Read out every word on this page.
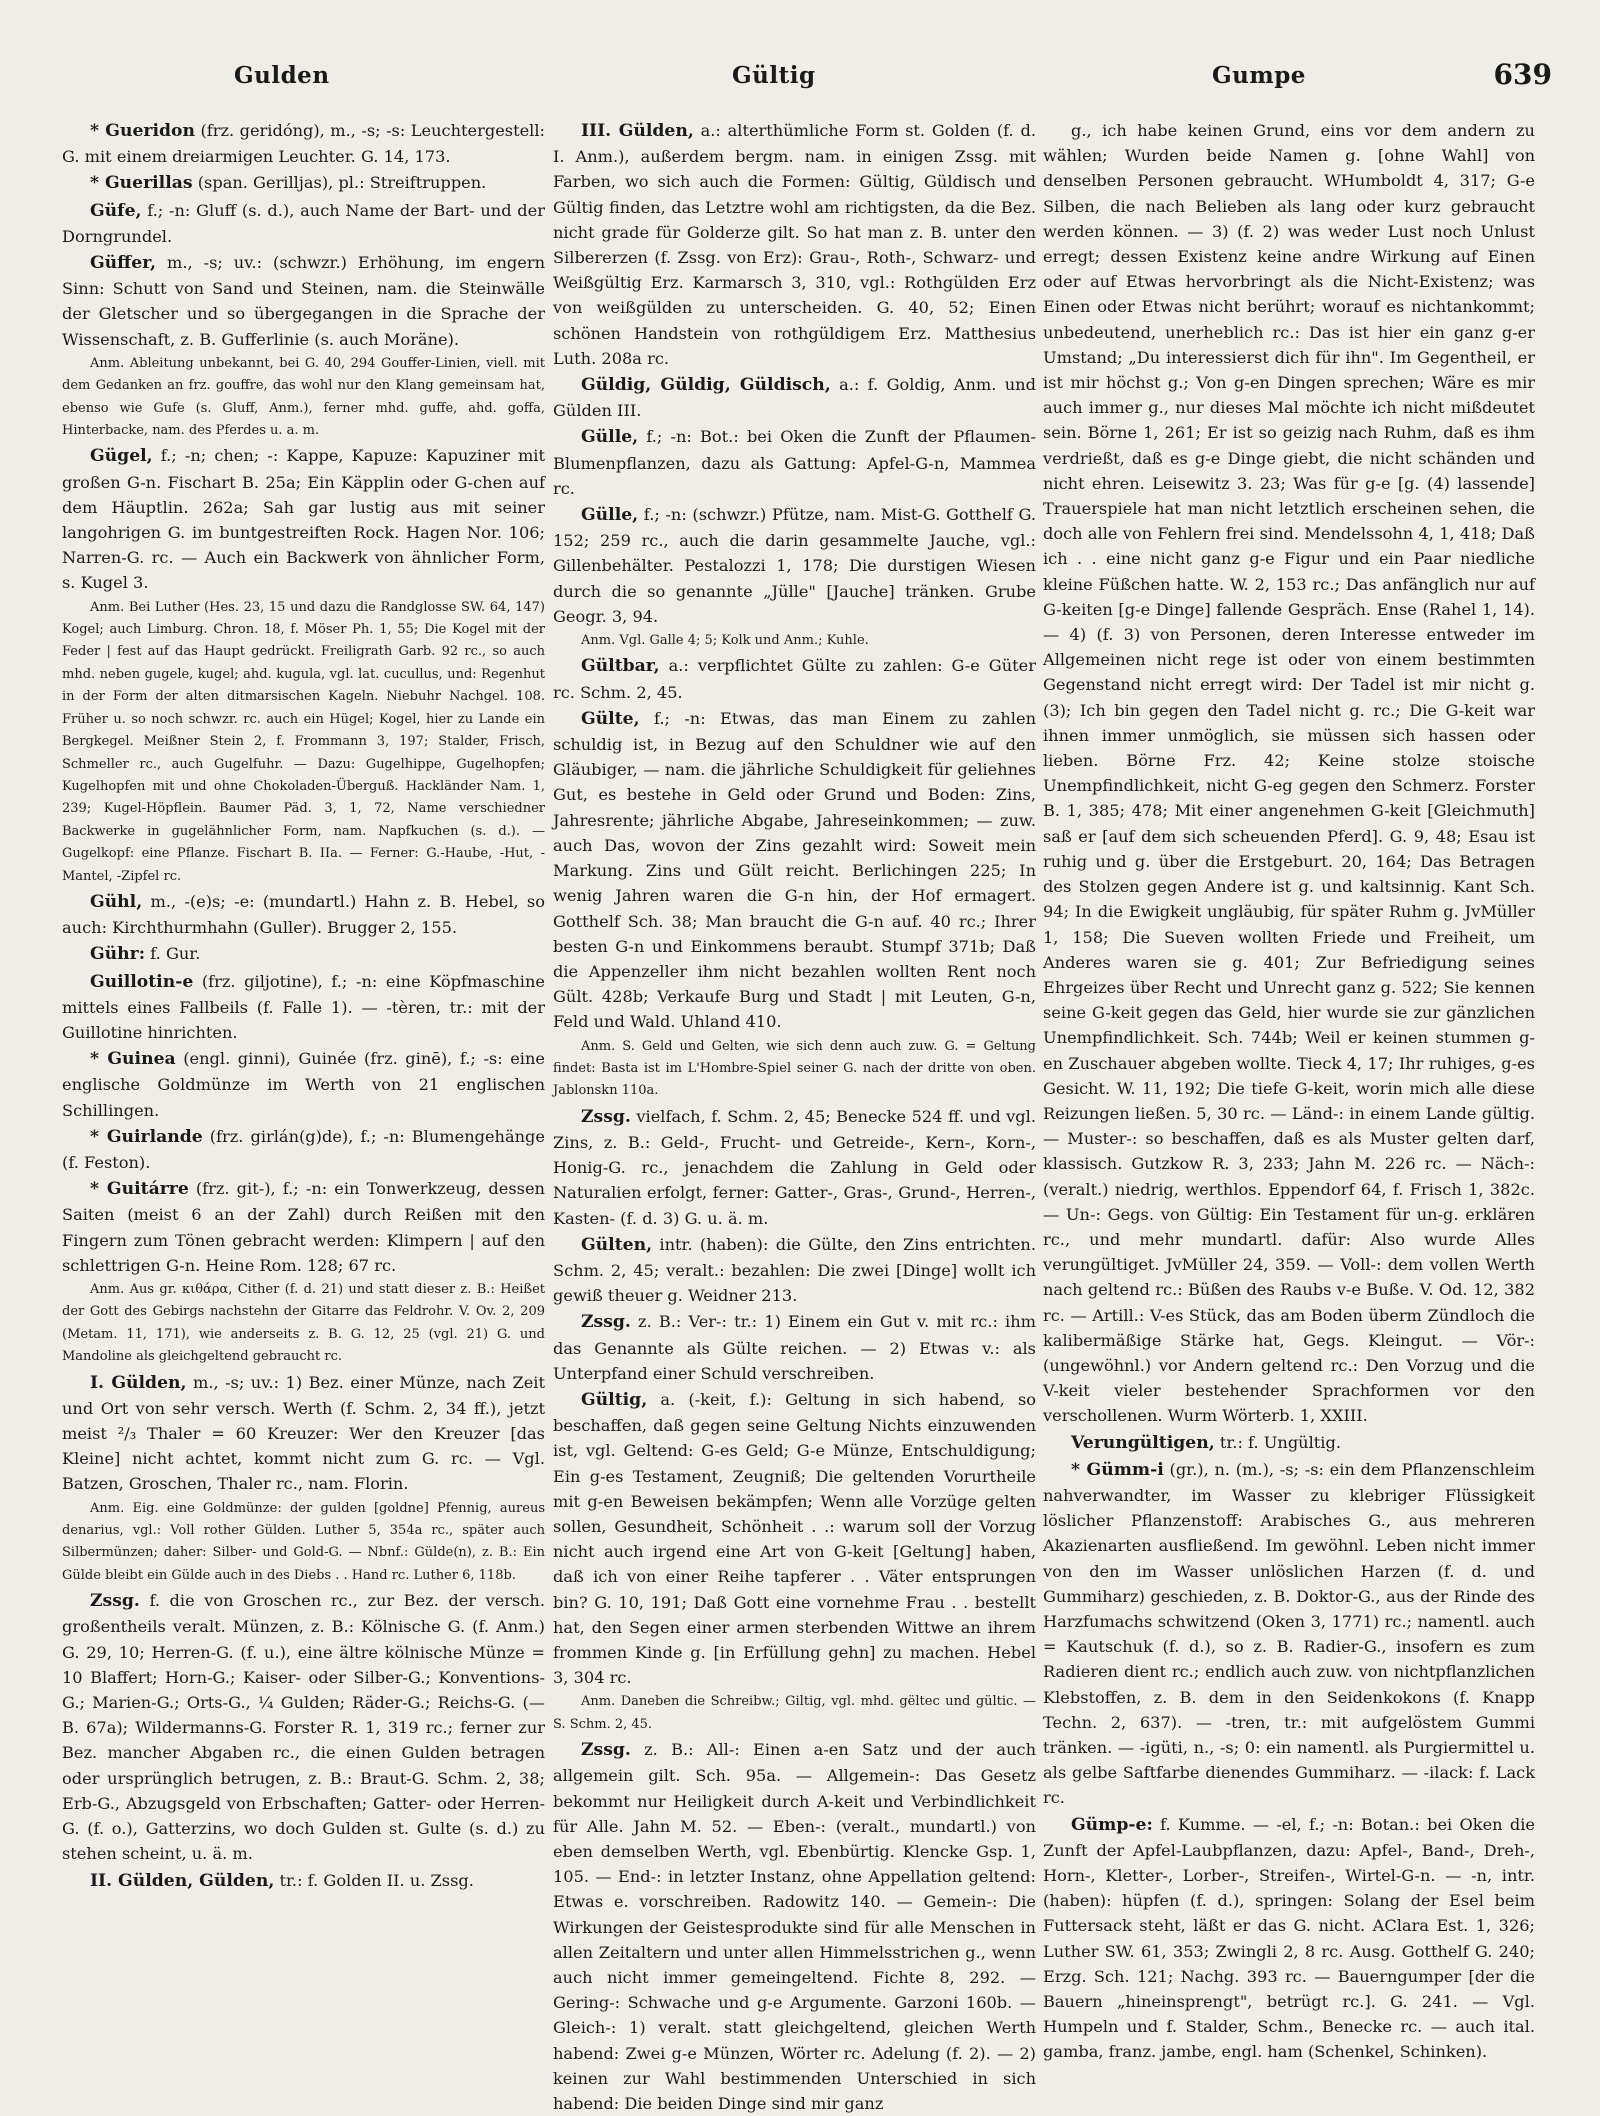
Gulden	Gültig	Gumpe	639

* Gueridon (frz. geridóng), m., -s; -s: Leuchtergestell: G. mit einem dreiarmigen Leuchter. G. 14, 173.

* Guerillas (span. Gerilljas), pl.: Streiftruppen.

Güfe, f.; -n: Gluff (s. d.), auch Name der Bart- und der Dorngrundel.

Güffer, m., -s; uv.: (schwzr.) Erhöhung, im engern Sinn: Schutt von Sand und Steinen, nam. die Steinwälle der Gletscher und so übergegangen in die Sprache der Wissenschaft, z. B. Gufferlinie (s. auch Moräne).

Anm. Ableitung unbekannt, bei G. 40, 294 Gouffer-Linien, viell. mit dem Gedanken an frz. gouffre, das wohl nur den Klang gemeinsam hat, ebenso wie Gufe (s. Gluff, Anm.), ferner mhd. guffe, ahd. goffa, Hinterbacke, nam. des Pferdes u. a. m.

Gügel, f.; -n; chen; -: Kappe, Kapuze: Kapuziner mit großen G-n. Fischart B. 25a; Ein Käpplin oder G-chen auf dem Häuptlin. 262a; Sah gar lustig aus mit seiner langohrigen G. im buntgestreiften Rock. Hagen Nor. 106; Narren-G. rc. — Auch ein Backwerk von ähnlicher Form, s. Kugel 3.

Anm. Bei Luther (Hes. 23, 15 und dazu die Randglosse SW. 64, 147) Kogel; auch Limburg. Chron. 18, f. Möser Ph. 1, 55; Die Kogel mit der Feder | fest auf das Haupt gedrückt. Freiligrath Garb. 92 rc., so auch mhd. neben gugele, kugel; ahd. kugula, vgl. lat. cucullus, und: Regenhut in der Form der alten ditmarsischen Kageln. Niebuhr Nachgel. 108. Früher u. so noch schwzr. rc. auch ein Hügel; Kogel, hier zu Lande ein Bergkegel. Meißner Stein 2, f. Frommann 3, 197; Stalder, Frisch, Schmeller rc., auch Gugelfuhr. — Dazu: Gugelhippe, Gugelhopfen; Kugelhopfen mit und ohne Chokoladen-Überguß. Hackländer Nam. 1, 239; Kugel-Höpflein. Baumer Päd. 3, 1, 72, Name verschiedner Backwerke in gugelähnlicher Form, nam. Napfkuchen (s. d.). — Gugelkopf: eine Pflanze. Fischart B. IIa. — Ferner: G.-Haube, -Hut, -Mantel, -Zipfel rc.

Gühl, m., -(e)s; -e: (mundartl.) Hahn z. B. Hebel, so auch: Kirchthurmhahn (Guller). Brugger 2, 155.

Gühr: f. Gur.

Guillotin-e (frz. giljotine), f.; -n: eine Köpfmaschine mittels eines Fallbeils (f. Falle 1). — -tèren, tr.: mit der Guillotine hinrichten.

* Guinea (engl. ginni), Guinée (frz. ginē), f.; -s: eine englische Goldmünze im Werth von 21 englischen Schillingen.

* Guirlande (frz. girlán(g)de), f.; -n: Blumengehänge (f. Feston).

* Guitárre (frz. git-), f.; -n: ein Tonwerkzeug, dessen Saiten (meist 6 an der Zahl) durch Reißen mit den Fingern zum Tönen gebracht werden: Klimpern | auf den schlettrigen G-n. Heine Rom. 128; 67 rc.

Anm. Aus gr. κιθάρα, Cither (f. d. 21) und statt dieser z. B.: Heißet der Gott des Gebirgs nachstehn der Gitarre das Feldrohr. V. Ov. 2, 209 (Metam. 11, 171), wie anderseits z. B. G. 12, 25 (vgl. 21) G. und Mandoline als gleichgeltend gebraucht rc.

I. Gülden, m., -s; uv.: 1) Bez. einer Münze, nach Zeit und Ort von sehr versch. Werth (f. Schm. 2, 34 ff.), jetzt meist ²/₃ Thaler = 60 Kreuzer: Wer den Kreuzer [das Kleine] nicht achtet, kommt nicht zum G. rc. — Vgl. Batzen, Groschen, Thaler rc., nam. Florin.

Anm. Eig. eine Goldmünze: der gulden [goldne] Pfennig, aureus denarius, vgl.: Voll rother Gülden. Luther 5, 354a rc., später auch Silbermünzen; daher: Silber- und Gold-G. — Nbnf.: Gülde(n), z. B.: Ein Gülde bleibt ein Gülde auch in des Diebs . . Hand rc. Luther 6, 118b.

Zssg. f. die von Groschen rc., zur Bez. der versch. großentheils veralt. Münzen, z. B.: Kölnische G. (f. Anm.) G. 29, 10; Herren-G. (f. u.), eine ältre kölnische Münze = 10 Blaffert; Horn-G.; Kaiser- oder Silber-G.; Konventions-G.; Marien-G.; Orts-G., ¼ Gulden; Räder-G.; Reichs-G. (— B. 67a); Wildermanns-G. Forster R. 1, 319 rc.; ferner zur Bez. mancher Abgaben rc., die einen Gulden betragen oder ursprünglich betrugen, z. B.: Braut-G. Schm. 2, 38; Erb-G., Abzugsgeld von Erbschaften; Gatter- oder Herren-G. (f. o.), Gatterzins, wo doch Gulden st. Gulte (s. d.) zu stehen scheint, u. ä. m.

II. Gülden, Gülden, tr.: f. Golden II. u. Zssg.

III. Gülden, a.: alterthümliche Form st. Golden (f. d. I. Anm.), außerdem bergm. nam. in einigen Zssg. mit Farben, wo sich auch die Formen: Gültig, Güldisch und Gültig finden, das Letztre wohl am richtigsten, da die Bez. nicht grade für Golderze gilt. So hat man z. B. unter den Silbererzen (f. Zssg. von Erz): Grau-, Roth-, Schwarz- und Weißgültig Erz. Karmarsch 3, 310, vgl.: Rothgülden Erz von weißgülden zu unterscheiden. G. 40, 52; Einen schönen Handstein von rothgüldigem Erz. Matthesius Luth. 208a rc.

Güldig, Güldig, Güldisch, a.: f. Goldig, Anm. und Gülden III.

Gülle, f.; -n: Bot.: bei Oken die Zunft der Pflaumen-Blumenpflanzen, dazu als Gattung: Apfel-G-n, Mammea rc.

Gülle, f.; -n: (schwzr.) Pfütze, nam. Mist-G. Gotthelf G. 152; 259 rc., auch die darin gesammelte Jauche, vgl.: Gillenbehälter. Pestalozzi 1, 178; Die durstigen Wiesen durch die so genannte „Jülle" [Jauche] tränken. Grube Geogr. 3, 94.

Anm. Vgl. Galle 4; 5; Kolk und Anm.; Kuhle.

Gültbar, a.: verpflichtet Gülte zu zahlen: G-e Güter rc. Schm. 2, 45.

Gülte, f.; -n: Etwas, das man Einem zu zahlen schuldig ist, in Bezug auf den Schuldner wie auf den Gläubiger, — nam. die jährliche Schuldigkeit für geliehnes Gut, es bestehe in Geld oder Grund und Boden: Zins, Jahresrente; jährliche Abgabe, Jahreseinkommen; — zuw. auch Das, wovon der Zins gezahlt wird: Soweit mein Markung. Zins und Gült reicht. Berlichingen 225; In wenig Jahren waren die G-n hin, der Hof ermagert. Gotthelf Sch. 38; Man braucht die G-n auf. 40 rc.; Ihrer besten G-n und Einkommens beraubt. Stumpf 371b; Daß die Appenzeller ihm nicht bezahlen wollten Rent noch Gült. 428b; Verkaufe Burg und Stadt | mit Leuten, G-n, Feld und Wald. Uhland 410.

Anm. S. Geld und Gelten, wie sich denn auch zuw. G. = Geltung findet: Basta ist im L'Hombre-Spiel seiner G. nach der dritte von oben. Jablonskn 110a.

Zssg. vielfach, f. Schm. 2, 45; Benecke 524 ff. und vgl. Zins, z. B.: Geld-, Frucht- und Getreide-, Kern-, Korn-, Honig-G. rc., jenachdem die Zahlung in Geld oder Naturalien erfolgt, ferner: Gatter-, Gras-, Grund-, Herren-, Kasten- (f. d. 3) G. u. ä. m.

Gülten, intr. (haben): die Gülte, den Zins entrichten. Schm. 2, 45; veralt.: bezahlen: Die zwei [Dinge] wollt ich gewiß theuer g. Weidner 213.

Zssg. z. B.: Ver-: tr.: 1) Einem ein Gut v. mit rc.: ihm das Genannte als Gülte reichen. — 2) Etwas v.: als Unterpfand einer Schuld verschreiben.

Gültig, a. (-keit, f.): Geltung in sich habend, so beschaffen, daß gegen seine Geltung Nichts einzuwenden ist, vgl. Geltend: G-es Geld; G-e Münze, Entschuldigung; Ein g-es Testament, Zeugniß; Die geltenden Vorurtheile mit g-en Beweisen bekämpfen; Wenn alle Vorzüge gelten sollen, Gesundheit, Schönheit . .: warum soll der Vorzug nicht auch irgend eine Art von G-keit [Geltung] haben, daß ich von einer Reihe tapferer . . Väter entsprungen bin? G. 10, 191; Daß Gott eine vornehme Frau . . bestellt hat, den Segen einer armen sterbenden Wittwe an ihrem frommen Kinde g. [in Erfüllung gehn] zu machen. Hebel 3, 304 rc.

Anm. Daneben die Schreibw.; Giltig, vgl. mhd. gëltec und gültic. — S. Schm. 2, 45.

Zssg. z. B.: All-: Einen a-en Satz und der auch allgemein gilt. Sch. 95a. — Allgemein-: Das Gesetz bekommt nur Heiligkeit durch A-keit und Verbindlichkeit für Alle. Jahn M. 52. — Eben-: (veralt., mundartl.) von eben demselben Werth, vgl. Ebenbürtig. Klencke Gsp. 1, 105. — End-: in letzter Instanz, ohne Appellation geltend: Etwas e. vorschreiben. Radowitz 140. — Gemein-: Die Wirkungen der Geistesprodukte sind für alle Menschen in allen Zeitaltern und unter allen Himmelsstrichen g., wenn auch nicht immer gemeingeltend. Fichte 8, 292. — Gering-: Schwache und g-e Argumente. Garzoni 160b. — Gleich-: 1) veralt. statt gleichgeltend, gleichen Werth habend: Zwei g-e Münzen, Wörter rc. Adelung (f. 2). — 2) keinen zur Wahl bestimmenden Unterschied in sich habend: Die beiden Dinge sind mir ganz

g., ich habe keinen Grund, eins vor dem andern zu wählen; Wurden beide Namen g. [ohne Wahl] von denselben Personen gebraucht. WHumboldt 4, 317; G-e Silben, die nach Belieben als lang oder kurz gebraucht werden können. — 3) (f. 2) was weder Lust noch Unlust erregt; dessen Existenz keine andre Wirkung auf Einen oder auf Etwas hervorbringt als die Nicht-Existenz; was Einen oder Etwas nicht berührt; worauf es nichtankommt; unbedeutend, unerheblich rc.: Das ist hier ein ganz g-er Umstand; „Du interessierst dich für ihn". Im Gegentheil, er ist mir höchst g.; Von g-en Dingen sprechen; Wäre es mir auch immer g., nur dieses Mal möchte ich nicht mißdeutet sein. Börne 1, 261; Er ist so geizig nach Ruhm, daß es ihm verdrießt, daß es g-e Dinge giebt, die nicht schänden und nicht ehren. Leisewitz 3. 23; Was für g-e [g. (4) lassende] Trauerspiele hat man nicht letztlich erscheinen sehen, die doch alle von Fehlern frei sind. Mendelssohn 4, 1, 418; Daß ich . . eine nicht ganz g-e Figur und ein Paar niedliche kleine Füßchen hatte. W. 2, 153 rc.; Das anfänglich nur auf G-keiten [g-e Dinge] fallende Gespräch. Ense (Rahel 1, 14). — 4) (f. 3) von Personen, deren Interesse entweder im Allgemeinen nicht rege ist oder von einem bestimmten Gegenstand nicht erregt wird: Der Tadel ist mir nicht g. (3); Ich bin gegen den Tadel nicht g. rc.; Die G-keit war ihnen immer unmöglich, sie müssen sich hassen oder lieben. Börne Frz. 42; Keine stolze stoische Unempfindlichkeit, nicht G-eg gegen den Schmerz. Forster B. 1, 385; 478; Mit einer angenehmen G-keit [Gleichmuth] saß er [auf dem sich scheuenden Pferd]. G. 9, 48; Esau ist ruhig und g. über die Erstgeburt. 20, 164; Das Betragen des Stolzen gegen Andere ist g. und kaltsinnig. Kant Sch. 94; In die Ewigkeit ungläubig, für später Ruhm g. JvMüller 1, 158; Die Sueven wollten Friede und Freiheit, um Anderes waren sie g. 401; Zur Befriedigung seines Ehrgeizes über Recht und Unrecht ganz g. 522; Sie kennen seine G-keit gegen das Geld, hier wurde sie zur gänzlichen Unempfindlichkeit. Sch. 744b; Weil er keinen stummen g-en Zuschauer abgeben wollte. Tieck 4, 17; Ihr ruhiges, g-es Gesicht. W. 11, 192; Die tiefe G-keit, worin mich alle diese Reizungen ließen. 5, 30 rc. — Länd-: in einem Lande gültig. — Muster-: so beschaffen, daß es als Muster gelten darf, klassisch. Gutzkow R. 3, 233; Jahn M. 226 rc. — Näch-: (veralt.) niedrig, werthlos. Eppendorf 64, f. Frisch 1, 382c. — Un-: Gegs. von Gültig: Ein Testament für un-g. erklären rc., und mehr mundartl. dafür: Also wurde Alles verungültiget. JvMüller 24, 359. — Voll-: dem vollen Werth nach geltend rc.: Büßen des Raubs v-e Buße. V. Od. 12, 382 rc. — Artill.: V-es Stück, das am Boden überm Zündloch die kalibermäßige Stärke hat, Gegs. Kleingut. — Vör-: (ungewöhnl.) vor Andern geltend rc.: Den Vorzug und die V-keit vieler bestehender Sprachformen vor den verschollenen. Wurm Wörterb. 1, XXIII.

Verungültigen, tr.: f. Ungültig.

* Gümm-i (gr.), n. (m.), -s; -s: ein dem Pflanzenschleim nahverwandter, im Wasser zu klebriger Flüssigkeit löslicher Pflanzenstoff: Arabisches G., aus mehreren Akazienarten ausfließend. Im gewöhnl. Leben nicht immer von den im Wasser unlöslichen Harzen (f. d. und Gummiharz) geschieden, z. B. Doktor-G., aus der Rinde des Harzfumachs schwitzend (Oken 3, 1771) rc.; namentl. auch = Kautschuk (f. d.), so z. B. Radier-G., insofern es zum Radieren dient rc.; endlich auch zuw. von nichtpflanzlichen Klebstoffen, z. B. dem in den Seidenkokons (f. Knapp Techn. 2, 637). — -tren, tr.: mit aufgelöstem Gummi tränken. — -igüti, n., -s; 0: ein namentl. als Purgiermittel u. als gelbe Saftfarbe dienendes Gummiharz. — -ilack: f. Lack rc.

Gümp-e: f. Kumme. — -el, f.; -n: Botan.: bei Oken die Zunft der Apfel-Laubpflanzen, dazu: Apfel-, Band-, Dreh-, Horn-, Kletter-, Lorber-, Streifen-, Wirtel-G-n. — -n, intr. (haben): hüpfen (f. d.), springen: Solang der Esel beim Futtersack steht, läßt er das G. nicht. AClara Est. 1, 326; Luther SW. 61, 353; Zwingli 2, 8 rc. Ausg. Gotthelf G. 240; Erzg. Sch. 121; Nachg. 393 rc. — Bauerngumper [der die Bauern „hineinsprengt", betrügt rc.]. G. 241. — Vgl. Humpeln und f. Stalder, Schm., Benecke rc. — auch ital. gamba, franz. jambe, engl. ham (Schenkel, Schinken).
